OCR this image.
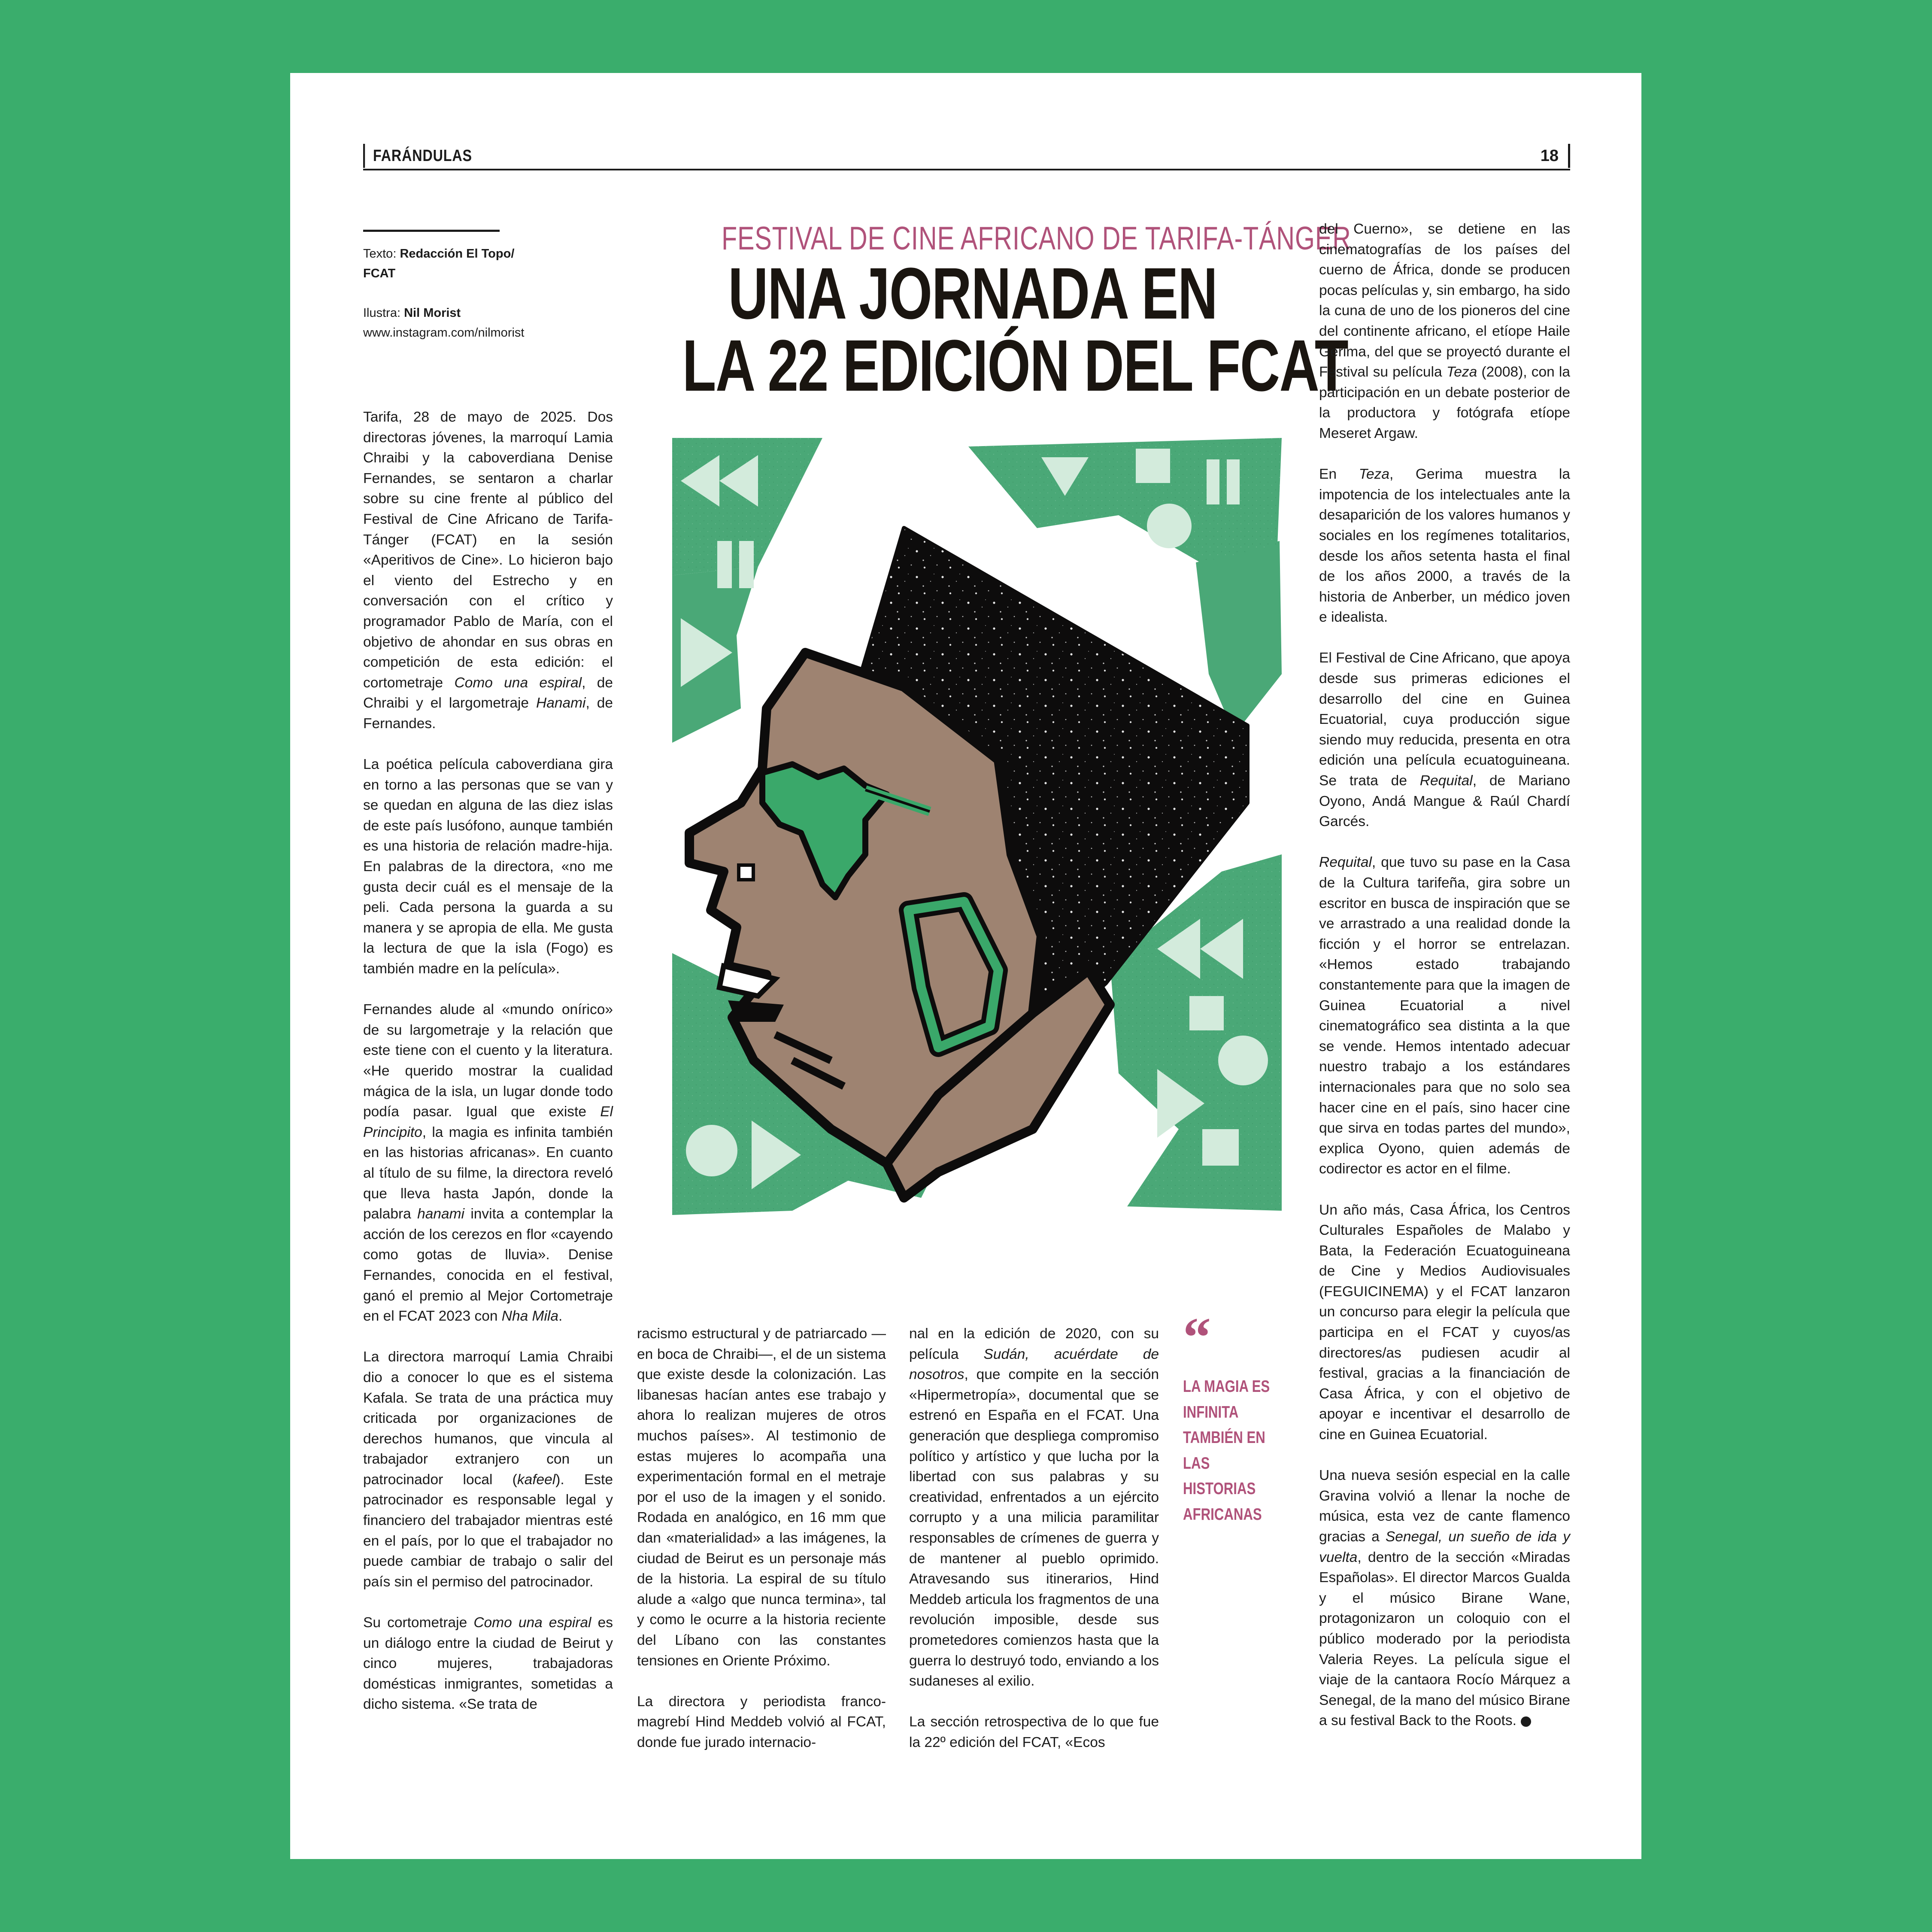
FARÁNDULAS	18
Texto: Redacción El Topo/ FCAT
Ilustra: Nil Morist
www.instagram.com/nilmorist
FESTIVAL DE CINE AFRICANO DE TARIFA-TÁNGER
UNA JORNADA EN
LA 22 EDICIÓN DEL FCAT

Tarifa, 28 de mayo de 2025. Dos directoras jóvenes, la marroquí Lamia Chraibi y la caboverdiana Denise Fernandes, se sentaron a charlar sobre su cine frente al público del Festival de Cine Africano de Tarifa-Tánger (FCAT) en la sesión «Aperitivos de Cine». Lo hicieron bajo el viento del Estrecho y en conversación con el crítico y programador Pablo de María, con el objetivo de ahondar en sus obras en competición de esta edición: el cortometraje Como una espiral, de Chraibi y el largometraje Hanami, de Fernandes.

La poética película caboverdiana gira en torno a las personas que se van y se quedan en alguna de las diez islas de este país lusófono, aunque también es una historia de relación madre-hija. En palabras de la directora, «no me gusta decir cuál es el mensaje de la peli. Cada persona la guarda a su manera y se apropia de ella. Me gusta la lectura de que la isla (Fogo) es también madre en la película».

Fernandes alude al «mundo onírico» de su largometraje y la relación que este tiene con el cuento y la literatura. «He querido mostrar la cualidad mágica de la isla, un lugar donde todo podía pasar. Igual que existe El Principito, la magia es infinita también en las historias africanas». En cuanto al título de su filme, la directora reveló que lleva hasta Japón, donde la palabra hanami invita a contemplar la acción de los cerezos en flor «cayendo como gotas de lluvia». Denise Fernandes, conocida en el festival, ganó el premio al Mejor Cortometraje en el FCAT 2023 con Nha Mila.

La directora marroquí Lamia Chraibi dio a conocer lo que es el sistema Kafala. Se trata de una práctica muy criticada por organizaciones de derechos humanos, que vincula al trabajador extranjero con un patrocinador local (kafeel). Este patrocinador es responsable legal y financiero del trabajador mientras esté en el país, por lo que el trabajador no puede cambiar de trabajo o salir del país sin el permiso del patrocinador.

Su cortometraje Como una espiral es un diálogo entre la ciudad de Beirut y cinco mujeres, trabajadoras domésticas inmigrantes, sometidas a dicho sistema. «Se trata de

racismo estructural y de patriarcado —en boca de Chraibi—, el de un sistema que existe desde la colonización. Las libanesas hacían antes ese trabajo y ahora lo realizan mujeres de otros muchos países». Al testimonio de estas mujeres lo acompaña una experimentación formal en el metraje por el uso de la imagen y el sonido. Rodada en analógico, en 16 mm que dan «materialidad» a las imágenes, la ciudad de Beirut es un personaje más de la historia. La espiral de su título alude a «algo que nunca termina», tal y como le ocurre a la historia reciente del Líbano con las constantes tensiones en Oriente Próximo.

La directora y periodista franco-magrebí Hind Meddeb volvió al FCAT, donde fue jurado internacio-

nal en la edición de 2020, con su película Sudán, acuérdate de nosotros, que compite en la sección «Hipermetropía», documental que se estrenó en España en el FCAT. Una generación que despliega compromiso político y artístico y que lucha por la libertad con sus palabras y su creatividad, enfrentados a un ejército corrupto y a una milicia paramilitar responsables de crímenes de guerra y de mantener al pueblo oprimido. Atravesando sus itinerarios, Hind Meddeb articula los fragmentos de una revolución imposible, desde sus prometedores comienzos hasta que la guerra lo destruyó todo, enviando a los sudaneses al exilio.

La sección retrospectiva de lo que fue la 22º edición del FCAT, «Ecos

“
LA MAGIA ES INFINITA TAMBIÉN EN LAS HISTORIAS AFRICANAS

del Cuerno», se detiene en las cinematografías de los países del cuerno de África, donde se producen pocas películas y, sin embargo, ha sido la cuna de uno de los pioneros del cine del continente africano, el etíope Haile Gerima, del que se proyectó durante el Festival su película Teza (2008), con la participación en un debate posterior de la productora y fotógrafa etíope Meseret Argaw.

En Teza, Gerima muestra la impotencia de los intelectuales ante la desaparición de los valores humanos y sociales en los regímenes totalitarios, desde los años setenta hasta el final de los años 2000, a través de la historia de Anberber, un médico joven e idealista.

El Festival de Cine Africano, que apoya desde sus primeras ediciones el desarrollo del cine en Guinea Ecuatorial, cuya producción sigue siendo muy reducida, presenta en otra edición una película ecuatoguineana. Se trata de Requital, de Mariano Oyono, Andá Mangue & Raúl Chardí Garcés.

Requital, que tuvo su pase en la Casa de la Cultura tarifeña, gira sobre un escritor en busca de inspiración que se ve arrastrado a una realidad donde la ficción y el horror se entrelazan. «Hemos estado trabajando constantemente para que la imagen de Guinea Ecuatorial a nivel cinematográfico sea distinta a la que se vende. Hemos intentado adecuar nuestro trabajo a los estándares internacionales para que no solo sea hacer cine en el país, sino hacer cine que sirva en todas partes del mundo», explica Oyono, quien además de codirector es actor en el filme.

Un año más, Casa África, los Centros Culturales Españoles de Malabo y Bata, la Federación Ecuatoguineana de Cine y Medios Audiovisuales (FEGUICINEMA) y el FCAT lanzaron un concurso para elegir la película que participa en el FCAT y cuyos/as directores/as pudiesen acudir al festival, gracias a la financiación de Casa África, y con el objetivo de apoyar e incentivar el desarrollo de cine en Guinea Ecuatorial.

Una nueva sesión especial en la calle Gravina volvió a llenar la noche de música, esta vez de cante flamenco gracias a Senegal, un sueño de ida y vuelta, dentro de la sección «Miradas Españolas». El director Marcos Gualda y el músico Birane Wane, protagonizaron un coloquio con el público moderado por la periodista Valeria Reyes. La película sigue el viaje de la cantaora Rocío Márquez a Senegal, de la mano del músico Birane a su festival Back to the Roots.
